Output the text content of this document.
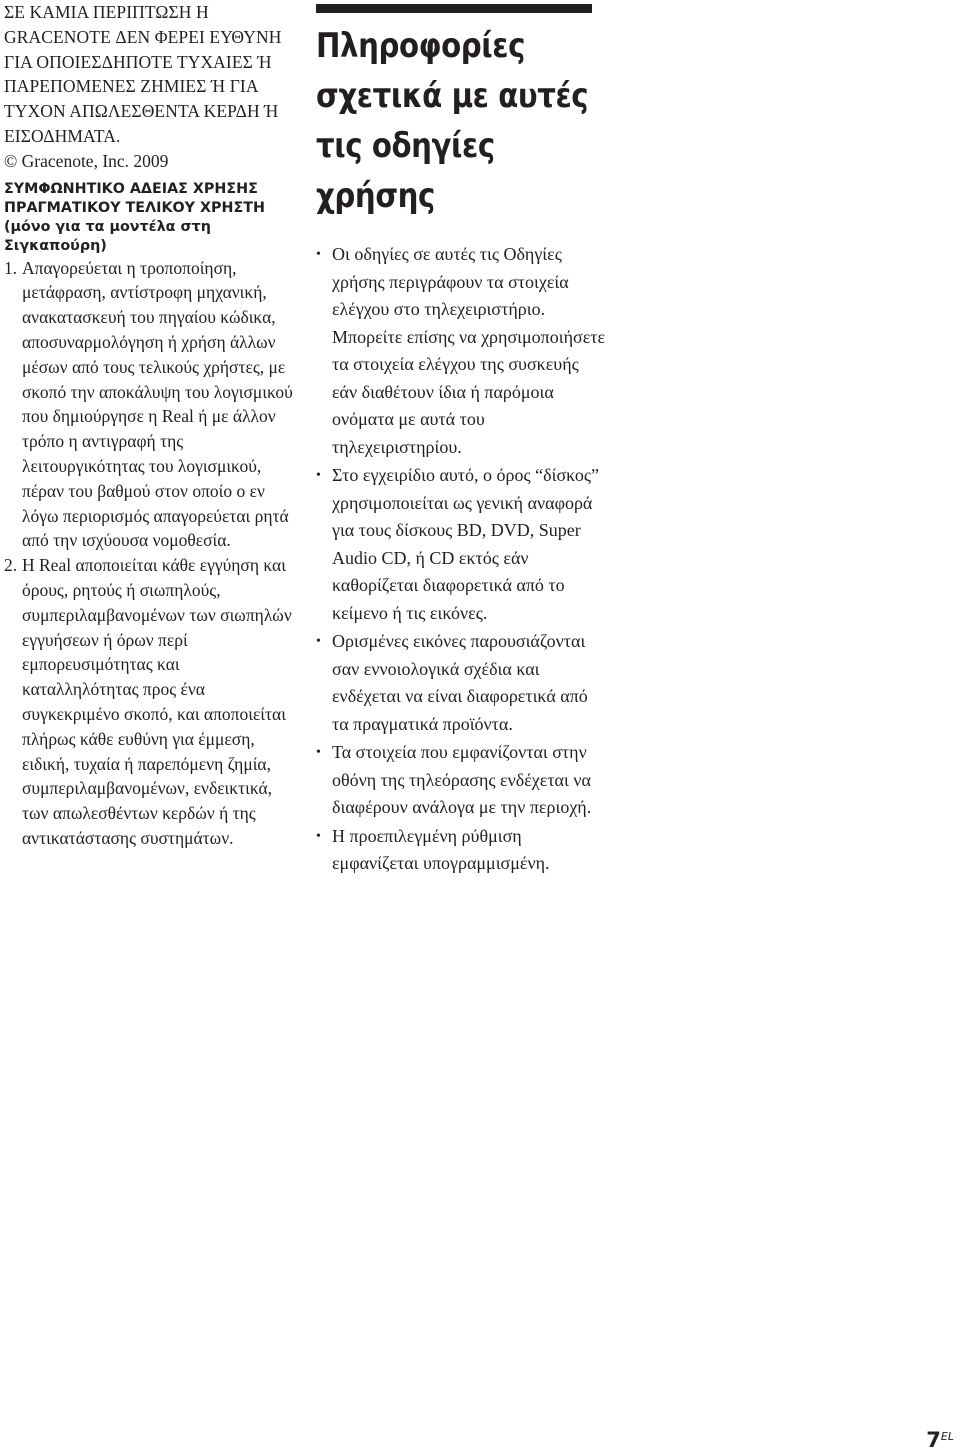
ΣΕ ΚΑΜΙΑ ΠΕΡΙΠΤΩΣΗ Η GRACENOTE ΔΕΝ ΦΕΡΕΙ ΕΥΘΥΝΗ ΓΙΑ ΟΠΟΙΕΣΔΗΠΟΤΕ ΤΥΧΑΙΕΣ Ή ΠΑΡΕΠΟΜΕΝΕΣ ΖΗΜΙΕΣ Ή ΓΙΑ ΤΥΧΟΝ ΑΠΩΛΕΣΘΕΝΤΑ ΚΕΡΔΗ Ή ΕΙΣΟΔΗΜΑΤΑ.

© Gracenote, Inc. 2009

ΣΥΜΦΩΝΗΤΙΚΟ ΑΔΕΙΑΣ ΧΡΗΣΗΣ ΠΡΑΓΜΑΤΙΚΟΥ ΤΕΛΙΚΟΥ ΧΡΗΣΤΗ (μόνο για τα μοντέλα στη Σιγκαπούρη)

1. Απαγορεύεται η τροποποίηση, μετάφραση, αντίστροφη μηχανική, ανακατασκευή του πηγαίου κώδικα, αποσυναρμολόγηση ή χρήση άλλων μέσων από τους τελικούς χρήστες, με σκοπό την αποκάλυψη του λογισμικού που δημιούργησε η Real ή με άλλον τρόπο η αντιγραφή της λειτουργικότητας του λογισμικού, πέραν του βαθμού στον οποίο ο εν λόγω περιορισμός απαγορεύεται ρητά από την ισχύουσα νομοθεσία.
2. Η Real αποποιείται κάθε εγγύηση και όρους, ρητούς ή σιωπηλούς, συμπεριλαμβανομένων των σιωπηλών εγγυήσεων ή όρων περί εμπορευσιμότητας και καταλληλότητας προς ένα συγκεκριμένο σκοπό, και αποποιείται πλήρως κάθε ευθύνη για έμμεση, ειδική, τυχαία ή παρεπόμενη ζημία, συμπεριλαμβανομένων, ενδεικτικά, των απωλεσθέντων κερδών ή της αντικατάστασης συστημάτων.
Πληροφορίες σχετικά με αυτές τις οδηγίες χρήσης
• Οι οδηγίες σε αυτές τις Οδηγίες χρήσης περιγράφουν τα στοιχεία ελέγχου στο τηλεχειριστήριο. Μπορείτε επίσης να χρησιμοποιήσετε τα στοιχεία ελέγχου της συσκευής εάν διαθέτουν ίδια ή παρόμοια ονόματα με αυτά του τηλεχειριστηρίου.
• Στο εγχειρίδιο αυτό, ο όρος “δίσκος” χρησιμοποιείται ως γενική αναφορά για τους δίσκους BD, DVD, Super Audio CD, ή CD εκτός εάν καθορίζεται διαφορετικά από το κείμενο ή τις εικόνες.
• Ορισμένες εικόνες παρουσιάζονται σαν εννοιολογικά σχέδια και ενδέχεται να είναι διαφορετικά από τα πραγματικά προϊόντα.
• Τα στοιχεία που εμφανίζονται στην οθόνη της τηλεόρασης ενδέχεται να διαφέρουν ανάλογα με την περιοχή.
• Η προεπιλεγμένη ρύθμιση εμφανίζεται υπογραμμισμένη.
$7^{EL}$
